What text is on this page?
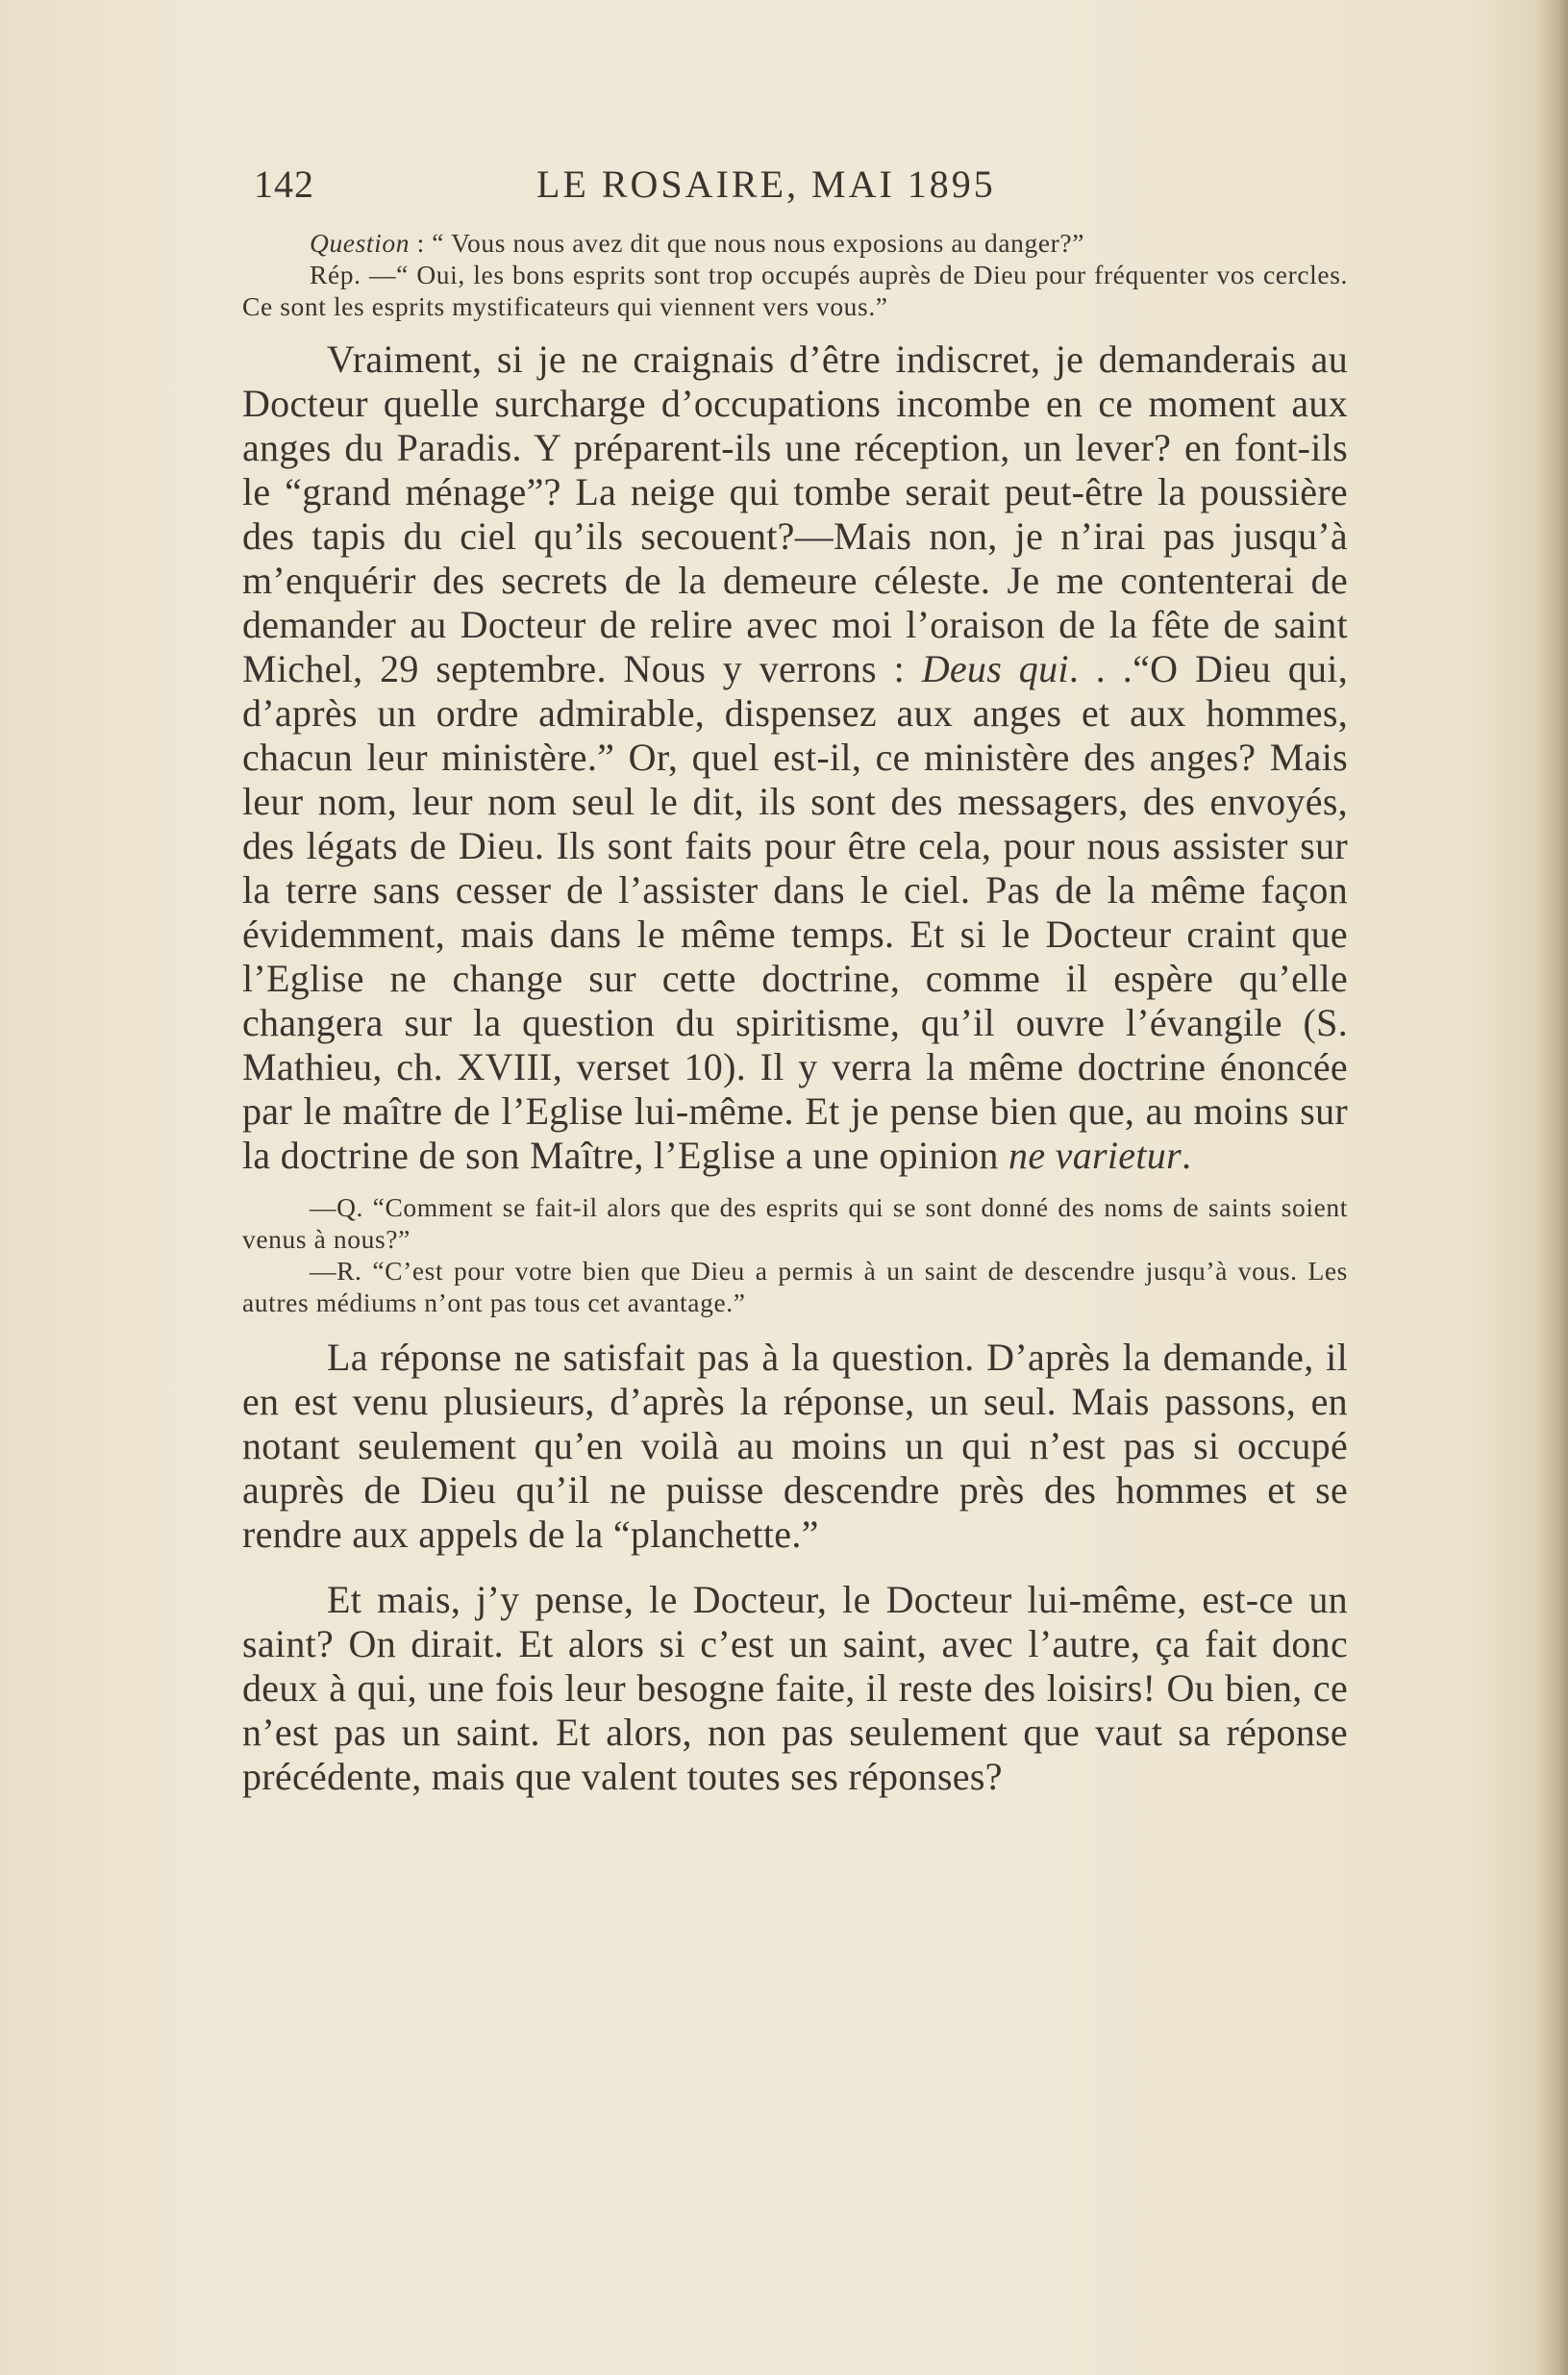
142	LE ROSAIRE, MAI 1895

Question : “ Vous nous avez dit que nous nous exposions au danger?”

Rép. —“ Oui, les bons esprits sont trop occupés auprès de Dieu pour fréquenter vos cercles. Ce sont les esprits mystificateurs qui viennent vers vous.”

Vraiment, si je ne craignais d’être indiscret, je demanderais au Docteur quelle surcharge d’occupations incombe en ce moment aux anges du Paradis. Y préparent-ils une réception, un lever? en font-ils le “grand ménage”? La neige qui tombe serait peut-être la poussière des tapis du ciel qu’ils secouent?—Mais non, je n’irai pas jusqu’à m’enquérir des secrets de la demeure céleste. Je me contenterai de demander au Docteur de relire avec moi l’oraison de la fête de saint Michel, 29 septembre. Nous y verrons : Deus qui. . .“O Dieu qui, d’après un ordre admirable, dispensez aux anges et aux hommes, chacun leur ministère.” Or, quel est-il, ce ministère des anges? Mais leur nom, leur nom seul le dit, ils sont des messagers, des envoyés, des légats de Dieu. Ils sont faits pour être cela, pour nous assister sur la terre sans cesser de l’assister dans le ciel. Pas de la même façon évidemment, mais dans le même temps. Et si le Docteur craint que l’Eglise ne change sur cette doctrine, comme il espère qu’elle changera sur la question du spiritisme, qu’il ouvre l’évangile (S. Mathieu, ch. XVIII, verset 10). Il y verra la même doctrine énoncée par le maître de l’Eglise lui-même. Et je pense bien que, au moins sur la doctrine de son Maître, l’Eglise a une opinion ne varietur.

—Q. “Comment se fait-il alors que des esprits qui se sont donné des noms de saints soient venus à nous?”

—R. “C’est pour votre bien que Dieu a permis à un saint de descendre jusqu’à vous. Les autres médiums n’ont pas tous cet avantage.”

La réponse ne satisfait pas à la question. D’après la demande, il en est venu plusieurs, d’après la réponse, un seul. Mais passons, en notant seulement qu’en voilà au moins un qui n’est pas si occupé auprès de Dieu qu’il ne puisse descendre près des hommes et se rendre aux appels de la “planchette.”

Et mais, j’y pense, le Docteur, le Docteur lui-même, est-ce un saint? On dirait. Et alors si c’est un saint, avec l’autre, ça fait donc deux à qui, une fois leur besogne faite, il reste des loisirs! Ou bien, ce n’est pas un saint. Et alors, non pas seulement que vaut sa réponse précédente, mais que valent toutes ses réponses?
